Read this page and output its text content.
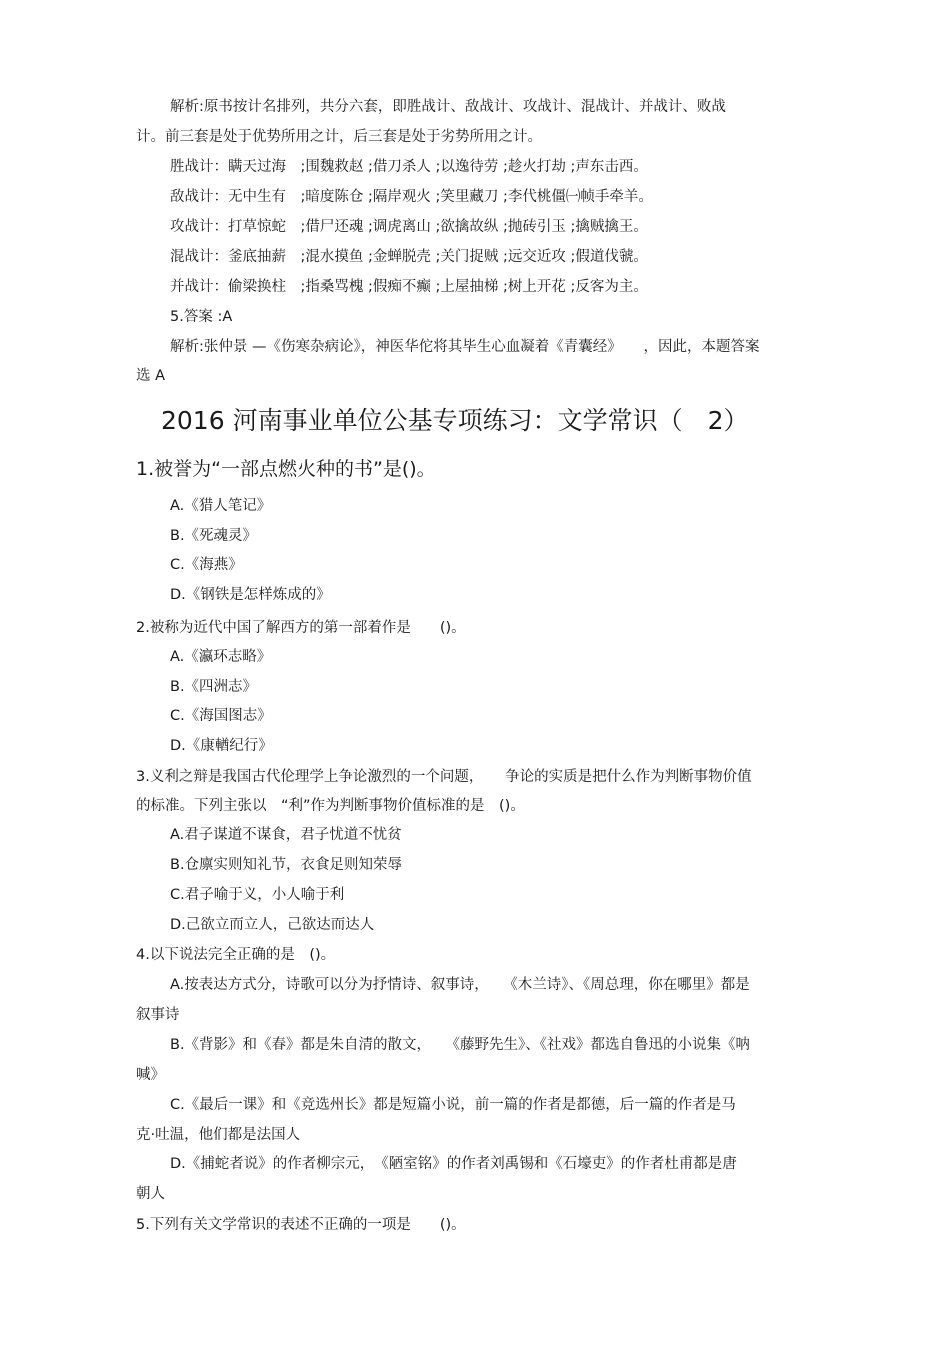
解析:原书按计名排列，共分六套，即胜战计、敌战计、攻战计、混战计、并战计、败战
计。前三套是处于优势所用之计，后三套是处于劣势所用之计。
胜战计：瞒天过海　;围魏救赵 ;借刀杀人 ;以逸待劳 ;趁火打劫 ;声东击西。
敌战计：无中生有　;暗度陈仓 ;隔岸观火 ;笑里藏刀 ;李代桃僵㈠帧手牵羊。
攻战计：打草惊蛇　;借尸还魂 ;调虎离山 ;欲擒故纵 ;抛砖引玉 ;擒贼擒王。
混战计：釜底抽薪　;混水摸鱼 ;金蝉脱壳 ;关门捉贼 ;远交近攻 ;假道伐虢。
并战计：偷梁换柱　;指桑骂槐 ;假痴不癫 ;上屋抽梯 ;树上开花 ;反客为主。
5.答案 :A
解析:张仲景 —《伤寒杂病论》，神医华佗将其毕生心血凝着《青囊经》　　，因此，本题答案
选 A
2016 河南事业单位公基专项练习：文学常识（　2）
1.被誉为“一部点燃火种的书”是()。
A.《猎人笔记》
B.《死魂灵》
C.《海燕》
D.《钢铁是怎样炼成的》
2.被称为近代中国了解西方的第一部着作是　　()。
A.《瀛环志略》
B.《四洲志》
C.《海国图志》
D.《康輶纪行》
3.义利之辩是我国古代伦理学上争论激烈的一个问题，　　争论的实质是把什么作为判断事物价值
的标准。下列主张以　“利”作为判断事物价值标准的是　()。
A.君子谋道不谋食，君子忧道不忧贫
B.仓廪实则知礼节，衣食足则知荣辱
C.君子喻于义，小人喻于利
D.己欲立而立人，己欲达而达人
4.以下说法完全正确的是　()。
A.按表达方式分，诗歌可以分为抒情诗、叙事诗，　　《木兰诗》、《周总理，你在哪里》都是
叙事诗
B.《背影》和《春》都是朱自清的散文，　　《藤野先生》、《社戏》都选自鲁迅的小说集《呐
喊》
C.《最后一课》和《竞选州长》都是短篇小说，前一篇的作者是都德，后一篇的作者是马
克·吐温，他们都是法国人
D.《捕蛇者说》的作者柳宗元，　《陋室铭》的作者刘禹锡和《石壕吏》的作者杜甫都是唐
朝人
5.下列有关文学常识的表述不正确的一项是　　()。
